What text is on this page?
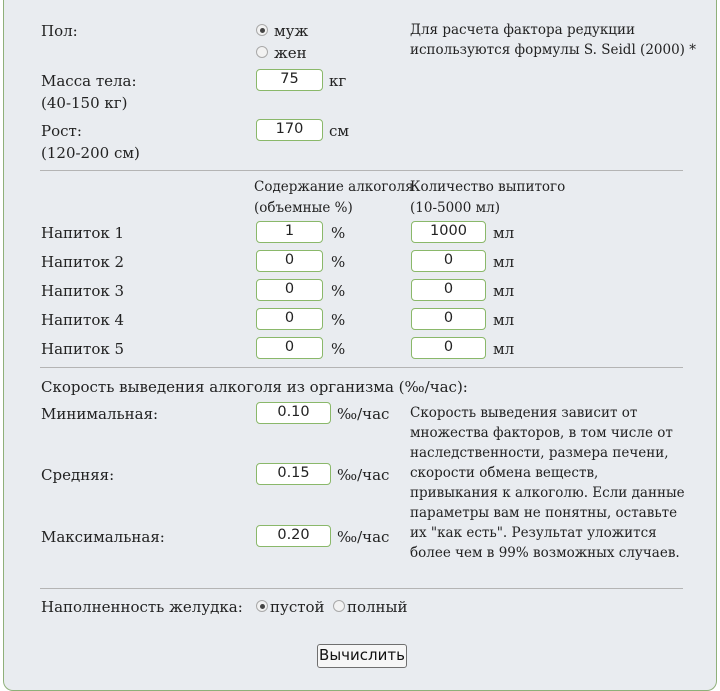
Пол:	муж
жен
Для расчета фактора редукции используются формулы S. Seidl (2000) *
Масса тела:
(40-150 кг)
75	кг
Рост:
(120-200 см)
170	см
Содержание алкоголя
(объемные %)
Количество выпитого
(10-5000 мл)
Напиток 1	1	%	1000	мл
Напиток 2	0	%	0	мл
Напиток 3	0	%	0	мл
Напиток 4	0	%	0	мл
Напиток 5	0	%	0	мл
Скорость выведения алкоголя из организма (‰/час):
Минимальная:	0.10	‰/час
Средняя:	0.15	‰/час
Максимальная:	0.20	‰/час
Скорость выведения зависит от множества факторов, в том числе от наследственности, размера печени, скорости обмена веществ, привыкания к алкоголю. Если данные параметры вам не понятны, оставьте их "как есть". Результат уложится более чем в 99% возможных случаев.
Наполненность желудка: пустой полный
Вычислить
